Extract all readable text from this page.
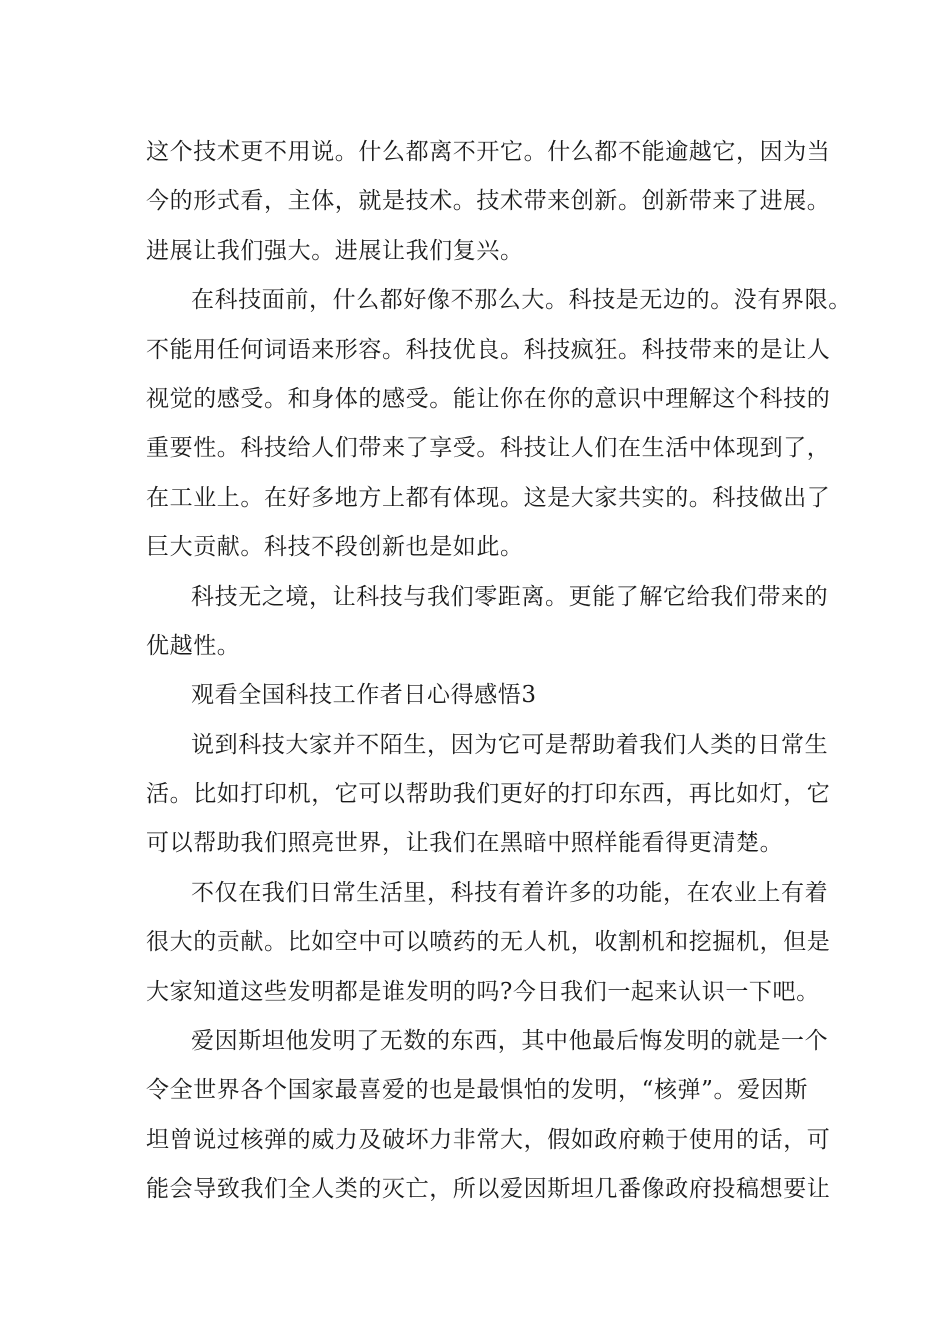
这个技术更不用说。什么都离不开它。什么都不能逾越它，因为当
今的形式看，主体，就是技术。技术带来创新。创新带来了进展。
进展让我们强大。进展让我们复兴。
在科技面前，什么都好像不那么大。科技是无边的。没有界限。
不能用任何词语来形容。科技优良。科技疯狂。科技带来的是让人
视觉的感受。和身体的感受。能让你在你的意识中理解这个科技的
重要性。科技给人们带来了享受。科技让人们在生活中体现到了，
在工业上。在好多地方上都有体现。这是大家共实的。科技做出了
巨大贡献。科技不段创新也是如此。
科技无之境，让科技与我们零距离。更能了解它给我们带来的
优越性。
观看全国科技工作者日心得感悟3
说到科技大家并不陌生，因为它可是帮助着我们人类的日常生
活。比如打印机，它可以帮助我们更好的打印东西，再比如灯，它
可以帮助我们照亮世界，让我们在黑暗中照样能看得更清楚。
不仅在我们日常生活里，科技有着许多的功能，在农业上有着
很大的贡献。比如空中可以喷药的无人机，收割机和挖掘机，但是
大家知道这些发明都是谁发明的吗?今日我们一起来认识一下吧。
爱因斯坦他发明了无数的东西，其中他最后悔发明的就是一个
令全世界各个国家最喜爱的也是最惧怕的发明，“核弹”。爱因斯
坦曾说过核弹的威力及破坏力非常大，假如政府赖于使用的话，可
能会导致我们全人类的灭亡，所以爱因斯坦几番像政府投稿想要让
